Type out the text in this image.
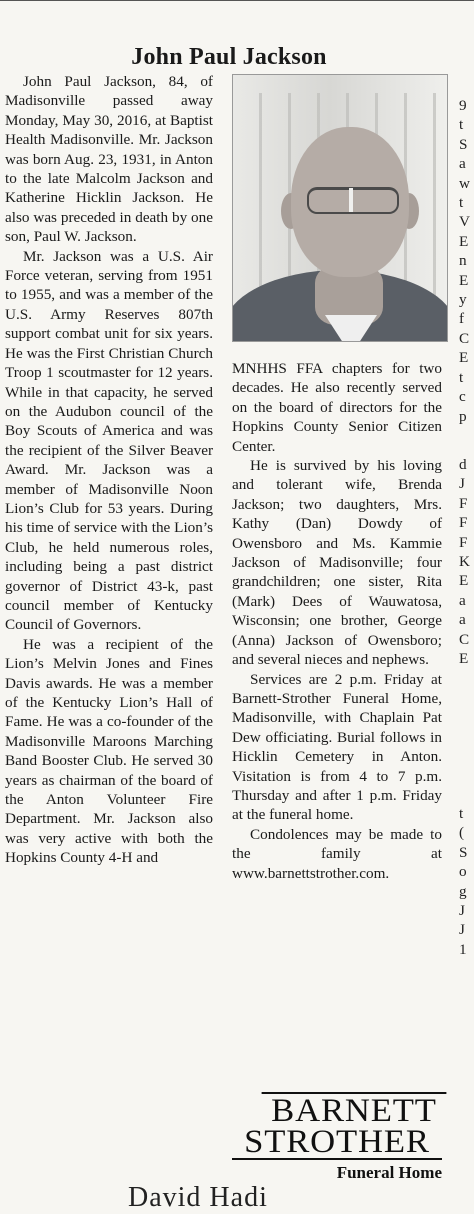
John Paul Jackson

John Paul Jackson, 84, of Madisonville passed away Monday, May 30, 2016, at Baptist Health Madisonville. Mr. Jackson was born Aug. 23, 1931, in Anton to the late Malcolm Jackson and Katherine Hicklin Jackson. He also was preceded in death by one son, Paul W. Jackson.

Mr. Jackson was a U.S. Air Force veteran, serving from 1951 to 1955, and was a member of the U.S. Army Reserves 807th support combat unit for six years. He was the First Christian Church Troop 1 scoutmaster for 12 years. While in that capacity, he served on the Audubon council of the Boy Scouts of America and was the recipient of the Silver Beaver Award. Mr. Jackson was a member of Madisonville Noon Lion’s Club for 53 years. During his time of service with the Lion’s Club, he held numerous roles, including being a past district governor of District 43-k, past council member of Kentucky Council of Governors.

He was a recipient of the Lion’s Melvin Jones and Fines Davis awards. He was a member of the Kentucky Lion’s Hall of Fame. He was a co-founder of the Madisonville Maroons Marching Band Booster Club. He served 30 years as chairman of the board of the Anton Volunteer Fire Department. Mr. Jackson also was very active with both the Hopkins County 4-H and

MNHHS FFA chapters for two decades. He also recently served on the board of directors for the Hopkins County Senior Citizen Center.

He is survived by his loving and tolerant wife, Brenda Jackson; two daughters, Mrs. Kathy (Dan) Dowdy of Owensboro and Ms. Kammie Jackson of Madisonville; four grandchildren; one sister, Rita (Mark) Dees of Wauwatosa, Wisconsin; one brother, George (Anna) Jackson of Owensboro; and several nieces and nephews.

Services are 2 p.m. Friday at Barnett-Strother Funeral Home, Madisonville, with Chaplain Pat Dew officiating. Burial follows in Hicklin Cemetery in Anton. Visitation is from 4 to 7 p.m. Thursday and after 1 p.m. Friday at the funeral home.

Condolences may be made to the family at www.barnettstrother.com.

BARNETT
STROTHER
Funeral Home
9
t
S
a
w
t
V
E
n
E
y
f
C
E
t
c
p
d
J
F
F
F
K
E
a
a
C
E
t
(
S
o
g
J
J
1
David Hadi
